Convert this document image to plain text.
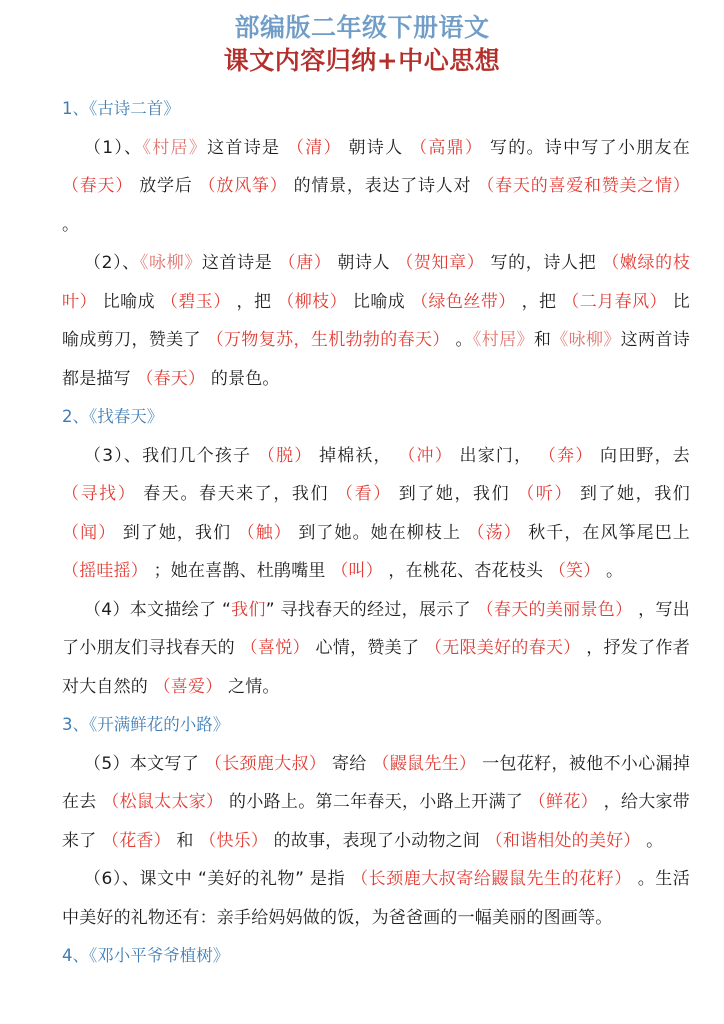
部编版二年级下册语文
课文内容归纳+中心思想
1、《古诗二首》
（1）、《村居》这首诗是 （清） 朝诗人 （高鼎） 写的。诗中写了小朋友在 （春天） 放学后 （放风筝） 的情景，表达了诗人对 （春天的喜爱和赞美之情） 。
（2）、《咏柳》这首诗是 （唐） 朝诗人 （贺知章） 写的，诗人把 （嫩绿的枝叶） 比喻成 （碧玉） ，把 （柳枝） 比喻成 （绿色丝带） ，把 （二月春风） 比喻成剪刀，赞美了 （万物复苏，生机勃勃的春天） 。《村居》和《咏柳》这两首诗都是描写 （春天） 的景色。
2、《找春天》
（3）、我们几个孩子 （脱） 掉棉袄， （冲） 出家门， （奔） 向田野，去 （寻找） 春天。春天来了，我们 （看） 到了她，我们 （听） 到了她，我们 （闻） 到了她，我们 （触） 到了她。她在柳枝上 （荡） 秋千，在风筝尾巴上 （摇哇摇） ；她在喜鹊、杜鹃嘴里 （叫） ，在桃花、杏花枝头 （笑） 。
（4）本文描绘了 “我们” 寻找春天的经过，展示了 （春天的美丽景色） ，写出了小朋友们寻找春天的 （喜悦） 心情，赞美了 （无限美好的春天） ，抒发了作者对大自然的 （喜爱） 之情。
3、《开满鲜花的小路》
（5）本文写了 （长颈鹿大叔） 寄给 （鼹鼠先生） 一包花籽，被他不小心漏掉在去 （松鼠太太家） 的小路上。第二年春天，小路上开满了 （鲜花） ，给大家带来了 （花香） 和 （快乐） 的故事，表现了小动物之间 （和谐相处的美好） 。
（6）、课文中 “美好的礼物” 是指 （长颈鹿大叔寄给鼹鼠先生的花籽） 。生活中美好的礼物还有：亲手给妈妈做的饭，为爸爸画的一幅美丽的图画等。
4、《邓小平爷爷植树》
